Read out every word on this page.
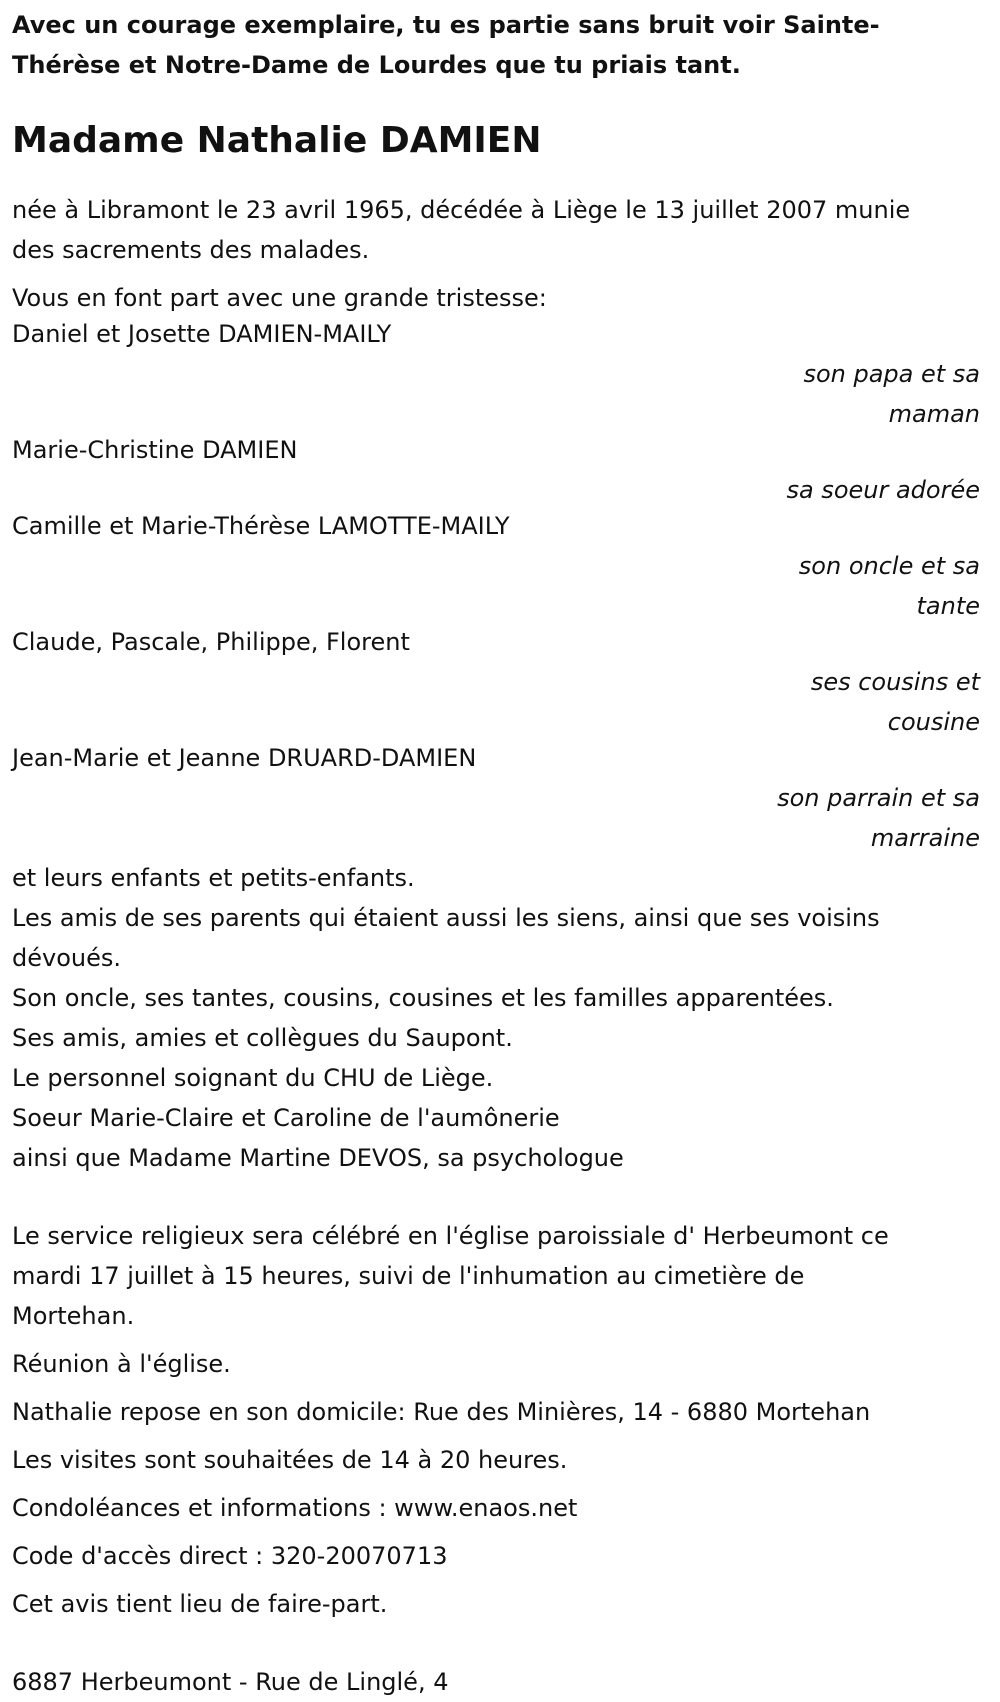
Avec un courage exemplaire, tu es partie sans bruit voir Sainte-
Thérèse et Notre-Dame de Lourdes que tu priais tant.
Madame Nathalie DAMIEN
née à Libramont le 23 avril 1965, décédée à Liège le 13 juillet 2007 munie
des sacrements des malades.
Vous en font part avec une grande tristesse:
Daniel et Josette DAMIEN-MAILY
son papa et sa
maman
Marie-Christine DAMIEN
sa soeur adorée
Camille et Marie-Thérèse LAMOTTE-MAILY
son oncle et sa
tante
Claude, Pascale, Philippe, Florent
ses cousins et
cousine
Jean-Marie et Jeanne DRUARD-DAMIEN
son parrain et sa
marraine
et leurs enfants et petits-enfants.
Les amis de ses parents qui étaient aussi les siens, ainsi que ses voisins
dévoués.
Son oncle, ses tantes, cousins, cousines et les familles apparentées.
Ses amis, amies et collègues du Saupont.
Le personnel soignant du CHU de Liège.
Soeur Marie-Claire et Caroline de l'aumônerie
ainsi que Madame Martine DEVOS, sa psychologue
Le service religieux sera célébré en l'église paroissiale d' Herbeumont ce
mardi 17 juillet à 15 heures, suivi de l'inhumation au cimetière de
Mortehan.
Réunion à l'église.
Nathalie repose en son domicile: Rue des Minières, 14 - 6880 Mortehan
Les visites sont souhaitées de 14 à 20 heures.
Condoléances et informations : www.enaos.net
Code d'accès direct : 320-20070713
Cet avis tient lieu de faire-part.
6887 Herbeumont - Rue de Linglé, 4
